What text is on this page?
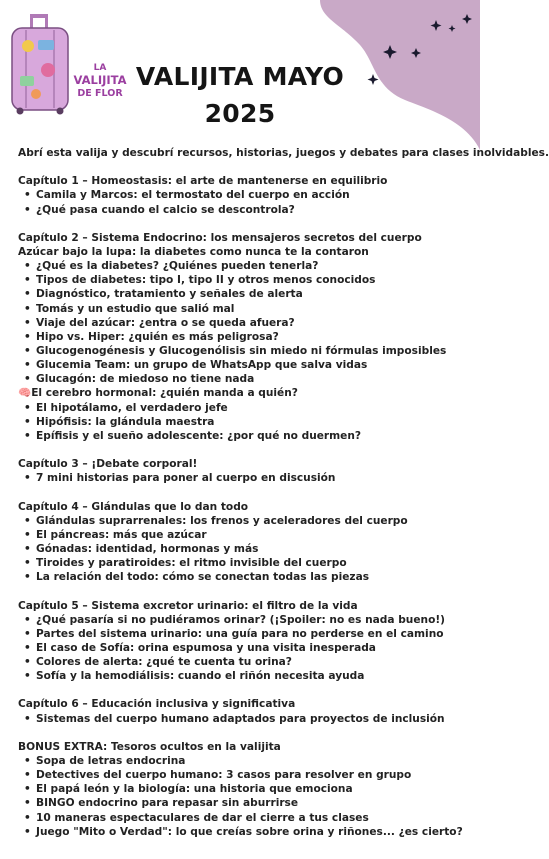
LA
VALIJITA
DE FLOR
VALIJITA MAYO
2025
Abrí esta valija y descubrí recursos, historias, juegos y debates para clases inolvidables.
Capítulo 1 – Homeostasis: el arte de mantenerse en equilibrio
• Camila y Marcos: el termostato del cuerpo en acción
• ¿Qué pasa cuando el calcio se descontrola?
Capítulo 2 – Sistema Endocrino: los mensajeros secretos del cuerpo
Azúcar bajo la lupa: la diabetes como nunca te la contaron
• ¿Qué es la diabetes? ¿Quiénes pueden tenerla?
• Tipos de diabetes: tipo I, tipo II y otros menos conocidos
• Diagnóstico, tratamiento y señales de alerta
• Tomás y un estudio que salió mal
• Viaje del azúcar: ¿entra o se queda afuera?
• Hipo vs. Hiper: ¿quién es más peligrosa?
• Glucogenogénesis y Glucogenólisis sin miedo ni fórmulas imposibles
• Glucemia Team: un grupo de WhatsApp que salva vidas
• Glucagón: de miedoso no tiene nada
🧠El cerebro hormonal: ¿quién manda a quién?
• El hipotálamo, el verdadero jefe
• Hipófisis: la glándula maestra
• Epífisis y el sueño adolescente: ¿por qué no duermen?
Capítulo 3 – ¡Debate corporal!
• 7 mini historias para poner al cuerpo en discusión
Capítulo 4 – Glándulas que lo dan todo
• Glándulas suprarrenales: los frenos y aceleradores del cuerpo
• El páncreas: más que azúcar
• Gónadas: identidad, hormonas y más
• Tiroides y paratiroides: el ritmo invisible del cuerpo
• La relación del todo: cómo se conectan todas las piezas
Capítulo 5 – Sistema excretor urinario: el filtro de la vida
• ¿Qué pasaría si no pudiéramos orinar? (¡Spoiler: no es nada bueno!)
• Partes del sistema urinario: una guía para no perderse en el camino
• El caso de Sofía: orina espumosa y una visita inesperada
• Colores de alerta: ¿qué te cuenta tu orina?
• Sofía y la hemodiálisis: cuando el riñón necesita ayuda
Capítulo 6 – Educación inclusiva y significativa
• Sistemas del cuerpo humano adaptados para proyectos de inclusión
BONUS EXTRA: Tesoros ocultos en la valijita
• Sopa de letras endocrina
• Detectives del cuerpo humano: 3 casos para resolver en grupo
• El papá león y la biología: una historia que emociona
• BINGO endocrino para repasar sin aburrirse
• 10 maneras espectaculares de dar el cierre a tus clases
• Juego "Mito o Verdad": lo que creías sobre orina y riñones... ¿es cierto?
